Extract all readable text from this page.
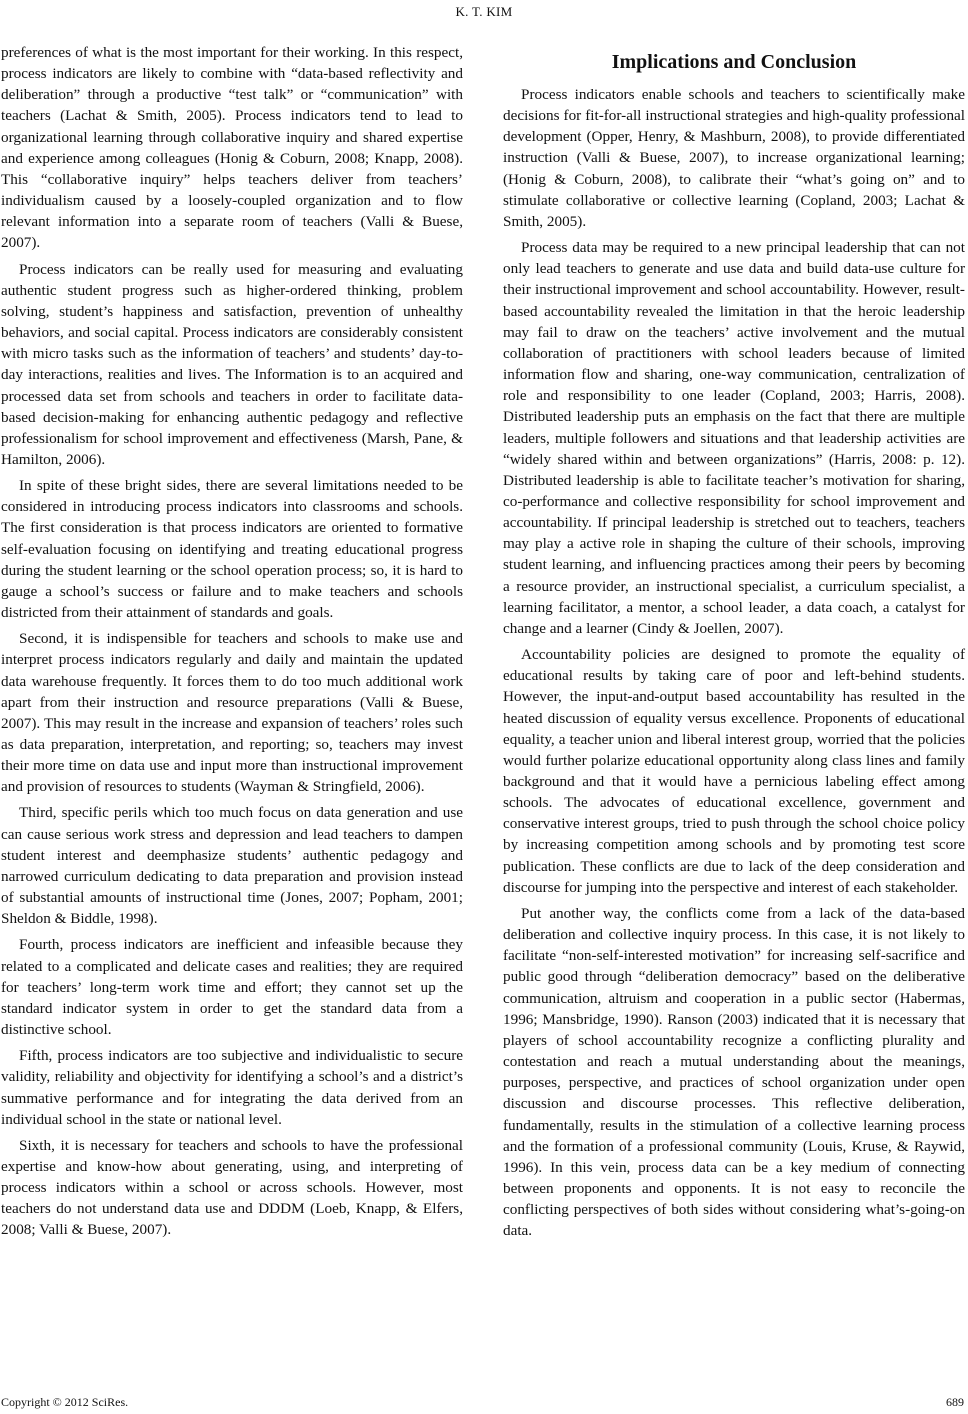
K. T. KIM

preferences of what is the most important for their working. In this respect, process indicators are likely to combine with “data-based reflectivity and deliberation” through a productive “test talk” or “communication” with teachers (Lachat & Smith, 2005). Process indicators tend to lead to organizational learning through collaborative inquiry and shared expertise and experience among colleagues (Honig & Coburn, 2008; Knapp, 2008). This “collaborative inquiry” helps teachers deliver from teachers’ individualism caused by a loosely-coupled organization and to flow relevant information into a separate room of teachers (Valli & Buese, 2007).

Process indicators can be really used for measuring and evaluating authentic student progress such as higher-ordered thinking, problem solving, student’s happiness and satisfaction, prevention of unhealthy behaviors, and social capital. Process indicators are considerably consistent with micro tasks such as the information of teachers’ and students’ day-to-day interactions, realities and lives. The Information is to an acquired and processed data set from schools and teachers in order to facilitate data-based decision-making for enhancing authentic pedagogy and reflective professionalism for school improvement and effectiveness (Marsh, Pane, & Hamilton, 2006).

In spite of these bright sides, there are several limitations needed to be considered in introducing process indicators into classrooms and schools. The first consideration is that process indicators are oriented to formative self-evaluation focusing on identifying and treating educational progress during the student learning or the school operation process; so, it is hard to gauge a school’s success or failure and to make teachers and schools districted from their attainment of standards and goals.

Second, it is indispensible for teachers and schools to make use and interpret process indicators regularly and daily and maintain the updated data warehouse frequently. It forces them to do too much additional work apart from their instruction and resource preparations (Valli & Buese, 2007). This may result in the increase and expansion of teachers’ roles such as data preparation, interpretation, and reporting; so, teachers may invest their more time on data use and input more than instructional improvement and provision of resources to students (Wayman & Stringfield, 2006).

Third, specific perils which too much focus on data generation and use can cause serious work stress and depression and lead teachers to dampen student interest and deemphasize students’ authentic pedagogy and narrowed curriculum dedicating to data preparation and provision instead of substantial amounts of instructional time (Jones, 2007; Popham, 2001; Sheldon & Biddle, 1998).

Fourth, process indicators are inefficient and infeasible because they related to a complicated and delicate cases and realities; they are required for teachers’ long-term work time and effort; they cannot set up the standard indicator system in order to get the standard data from a distinctive school.

Fifth, process indicators are too subjective and individualistic to secure validity, reliability and objectivity for identifying a school’s and a district’s summative performance and for integrating the data derived from an individual school in the state or national level.

Sixth, it is necessary for teachers and schools to have the professional expertise and know-how about generating, using, and interpreting of process indicators within a school or across schools. However, most teachers do not understand data use and DDDM (Loeb, Knapp, & Elfers, 2008; Valli & Buese, 2007).

Implications and Conclusion

Process indicators enable schools and teachers to scientifically make decisions for fit-for-all instructional strategies and high-quality professional development (Opper, Henry, & Mashburn, 2008), to provide differentiated instruction (Valli & Buese, 2007), to increase organizational learning; (Honig & Coburn, 2008), to calibrate their “what’s going on” and to stimulate collaborative or collective learning (Copland, 2003; Lachat & Smith, 2005).

Process data may be required to a new principal leadership that can not only lead teachers to generate and use data and build data-use culture for their instructional improvement and school accountability. However, result-based accountability revealed the limitation in that the heroic leadership may fail to draw on the teachers’ active involvement and the mutual collaboration of practitioners with school leaders because of limited information flow and sharing, one-way communication, centralization of role and responsibility to one leader (Copland, 2003; Harris, 2008). Distributed leadership puts an emphasis on the fact that there are multiple leaders, multiple followers and situations and that leadership activities are “widely shared within and between organizations” (Harris, 2008: p. 12). Distributed leadership is able to facilitate teacher’s motivation for sharing, co-performance and collective responsibility for school improvement and accountability. If principal leadership is stretched out to teachers, teachers may play a active role in shaping the culture of their schools, improving student learning, and influencing practices among their peers by becoming a resource provider, an instructional specialist, a curriculum specialist, a learning facilitator, a mentor, a school leader, a data coach, a catalyst for change and a learner (Cindy & Joellen, 2007).

Accountability policies are designed to promote the equality of educational results by taking care of poor and left-behind students. However, the input-and-output based accountability has resulted in the heated discussion of equality versus excellence. Proponents of educational equality, a teacher union and liberal interest group, worried that the policies would further polarize educational opportunity along class lines and family background and that it would have a pernicious labeling effect among schools. The advocates of educational excellence, government and conservative interest groups, tried to push through the school choice policy by increasing competition among schools and by promoting test score publication. These conflicts are due to lack of the deep consideration and discourse for jumping into the perspective and interest of each stakeholder.

Put another way, the conflicts come from a lack of the data-based deliberation and collective inquiry process. In this case, it is not likely to facilitate “non-self-interested motivation” for increasing self-sacrifice and public good through “deliberation democracy” based on the deliberative communication, altruism and cooperation in a public sector (Habermas, 1996; Mansbridge, 1990). Ranson (2003) indicated that it is necessary that players of school accountability recognize a conflicting plurality and contestation and reach a mutual understanding about the meanings, purposes, perspective, and practices of school organization under open discussion and discourse processes. This reflective deliberation, fundamentally, results in the stimulation of a collective learning process and the formation of a professional community (Louis, Kruse, & Raywid, 1996). In this vein, process data can be a key medium of connecting between proponents and opponents. It is not easy to reconcile the conflicting perspectives of both sides without considering what’s-going-on data.

Copyright © 2012 SciRes.	689
